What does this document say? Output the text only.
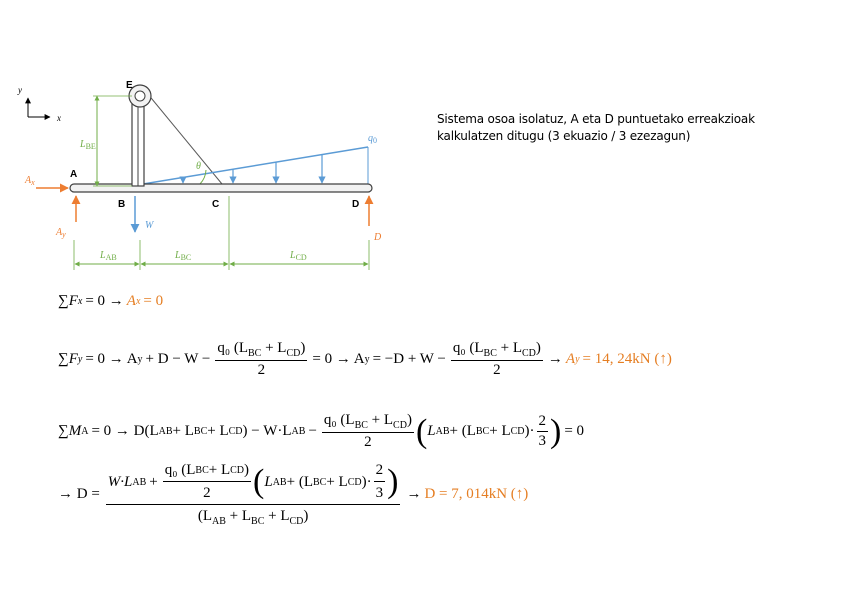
y
x
E
A
B	C	D
$L_{BE}$
θ
$q_0$
$A_x$
$A_y$
W
D
$L_{AB}$	$L_{BC}$	$L_{CD}$
Sistema osoa isolatuz, A eta D puntuetako erreakzioak kalkulatzen ditugu (3 ekuazio / 3 ezezagun)
∑F x = 0 → A x = 0
∑F y = 0 → A $y + D - W - \frac{q_0 (L_{BC} + L_{CD})}{2} = 0 \to A$ $y = -D + W - \frac{q_0 (L_{BC} + L_{CD})}{2} \to A$ y = 14, 24kN (↑)
∑M A = 0 → D(L AB + L BC + L CD ) − W·L AB − $\frac{q_0 (L_{BC} + L_{CD})}{2}$ ( L AB + (L BC + L CD )· $\frac{2}{3}$ ) = 0
→ D =
W·L AB + $\frac{\text{q₀ (L BC + L CD )}}{2}$ ( L AB + (L BC + L CD )· $\frac{2}{3}$ )
$(L_{AB} + L_{BC} + L_{CD})$
→ D = 7, 014kN (↑)
